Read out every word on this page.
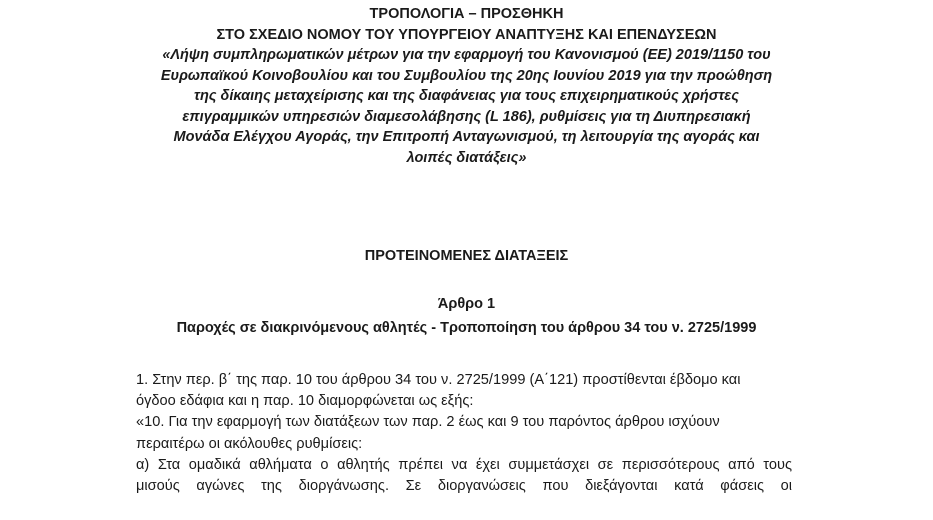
ΤΡΟΠΟΛΟΓΙΑ – ΠΡΟΣΘΗΚΗ
ΣΤΟ ΣΧΕΔΙΟ ΝΟΜΟΥ ΤΟΥ ΥΠΟΥΡΓΕΙΟΥ ΑΝΑΠΤΥΞΗΣ ΚΑΙ ΕΠΕΝΔΥΣΕΩΝ
«Λήψη συμπληρωματικών μέτρων για την εφαρμογή του Κανονισμού (ΕΕ) 2019/1150 του
Ευρωπαϊκού Κοινοβουλίου και του Συμβουλίου της 20ης Ιουνίου 2019 για την προώθηση
της δίκαιης μεταχείρισης και της διαφάνειας για τους επιχειρηματικούς χρήστες
επιγραμμικών υπηρεσιών διαμεσολάβησης (L 186), ρυθμίσεις για τη Διυπηρεσιακή
Μονάδα Ελέγχου Αγοράς, την Επιτροπή Ανταγωνισμού, τη λειτουργία της αγοράς και
λοιπές διατάξεις»
ΠΡΟΤΕΙΝΟΜΕΝΕΣ ΔΙΑΤΑΞΕΙΣ
Άρθρο 1
Παροχές σε διακρινόμενους αθλητές - Τροποποίηση του άρθρου 34 του ν. 2725/1999
1. Στην περ. β΄ της παρ. 10 του άρθρου 34 του ν. 2725/1999 (Α΄121) προστίθενται έβδομο και
όγδοο εδάφια και η παρ. 10 διαμορφώνεται ως εξής:
«10. Για την εφαρμογή των διατάξεων των παρ. 2 έως και 9 του παρόντος άρθρου ισχύουν
περαιτέρω οι ακόλουθες ρυθμίσεις:
α) Στα ομαδικά αθλήματα ο αθλητής πρέπει να έχει συμμετάσχει σε περισσότερους από τους
μισούς αγώνες της διοργάνωσης. Σε διοργανώσεις που διεξάγονται κατά φάσεις οι
